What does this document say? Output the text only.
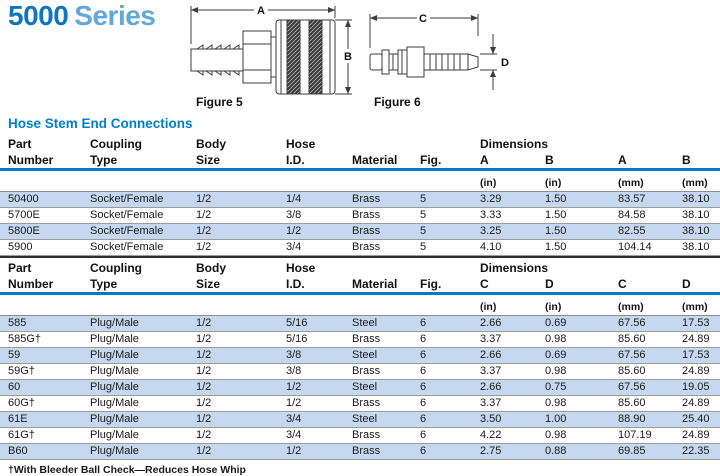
5000 Series	A
B
Figure 5
C
D
Figure 6
Hose Stem End Connections
Part	Coupling	Body	Hose			Dimensions			
Number	Type	Size	I.D.	Material	Fig.	A	B	A	B
						(in)	(in)	(mm)	(mm)
50400	Socket/Female	1/2	1/4	Brass	5	3.29	1.50	83.57	38.10
5700E	Socket/Female	1/2	3/8	Brass	5	3.33	1.50	84.58	38.10
5800E	Socket/Female	1/2	1/2	Brass	5	3.25	1.50	82.55	38.10
5900	Socket/Female	1/2	3/4	Brass	5	4.10	1.50	104.14	38.10
Part	Coupling	Body	Hose			Dimensions			
Number	Type	Size	I.D.	Material	Fig.	C	D	C	D
						(in)	(in)	(mm)	(mm)
585	Plug/Male	1/2	5/16	Steel	6	2.66	0.69	67.56	17.53
585G†	Plug/Male	1/2	5/16	Brass	6	3.37	0.98	85.60	24.89
59	Plug/Male	1/2	3/8	Steel	6	2.66	0.69	67.56	17.53
59G†	Plug/Male	1/2	3/8	Brass	6	3.37	0.98	85.60	24.89
60	Plug/Male	1/2	1/2	Steel	6	2.66	0.75	67.56	19.05
60G†	Plug/Male	1/2	1/2	Brass	6	3.37	0.98	85.60	24.89
61E	Plug/Male	1/2	3/4	Steel	6	3.50	1.00	88.90	25.40
61G†	Plug/Male	1/2	3/4	Brass	6	4.22	0.98	107.19	24.89
B60	Plug/Male	1/2	1/2	Brass	6	2.75	0.88	69.85	22.35
†With Bleeder Ball Check—Reduces Hose Whip
